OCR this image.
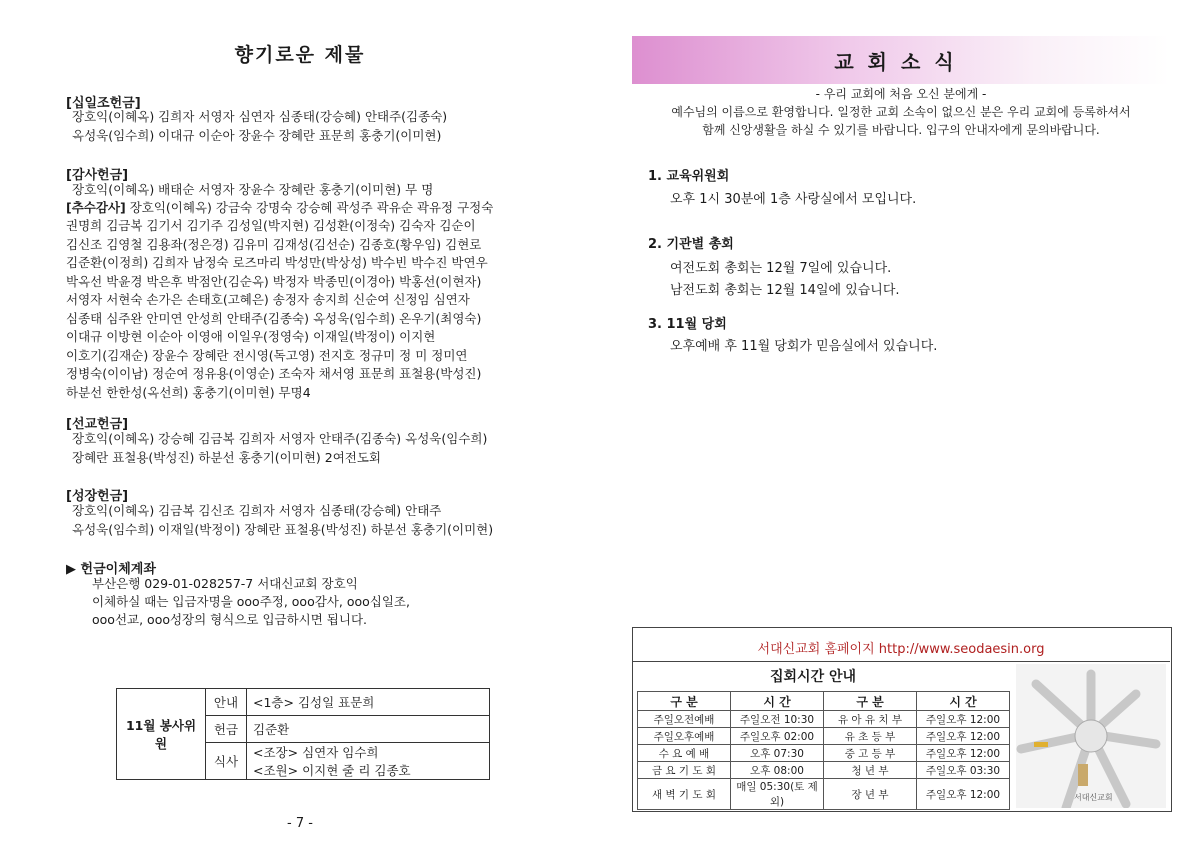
향기로운 제물
[십일조헌금]
장호익(이혜옥) 김희자 서영자 심연자 심종태(강승혜) 안태주(김종숙)
옥성욱(임수희) 이대규 이순아 장윤수 장혜란 표문희 홍충기(이미현)
[감사헌금]
장호익(이혜옥) 배태순 서영자 장윤수 장혜란 홍충기(이미현) 무 명
[추수감사] 장호익(이혜옥) 강금숙 강명숙 강승혜 곽성주 곽유순 곽유정 구정숙
권명희 김금복 김기서 김기주 김성일(박지현) 김성환(이정숙) 김숙자 김순이
김신조 김영철 김용좌(정은경) 김유미 김재성(김선순) 김종호(황우임) 김현로
김준환(이정희) 김희자 남정숙 로즈마리 박성만(박상성) 박수빈 박수진 박연우
박옥선 박윤경 박은후 박점안(김순옥) 박정자 박종민(이경아) 박홍선(이현자)
서영자 서현숙 손가은 손태호(고혜은) 송정자 송지희 신순여 신정임 심연자
심종태 심주완 안미연 안성희 안태주(김종숙) 옥성욱(임수희) 온우기(최영숙)
이대규 이방현 이순아 이영애 이일우(정영숙) 이재일(박정이) 이지현
이호기(김재순) 장윤수 장혜란 전시영(독고영) 전지호 정규미 정 미 정미연
정병숙(이이남) 정순여 정유용(이영순) 조숙자 채서영 표문희 표철용(박성진)
하분선 한한성(옥선희) 홍충기(이미현) 무명4
[선교헌금]
장호익(이혜옥) 강승혜 김금복 김희자 서영자 안태주(김종숙) 옥성욱(임수희)
장혜란 표철용(박성진) 하분선 홍충기(이미현) 2여전도회
[성장헌금]
장호익(이혜옥) 김금복 김신조 김희자 서영자 심종태(강승혜) 안태주
옥성욱(임수희) 이재일(박정이) 장혜란 표철용(박성진) 하분선 홍충기(이미현)
▶ 헌금이체계좌
부산은행 029-01-028257-7 서대신교회 장호익
이체하실 때는 입금자명을 ooo주정, ooo감사, ooo십일조,
ooo선교, ooo성장의 형식으로 입금하시면 됩니다.
11월 봉사위원	안내	<1층> 김성일 표문희
	헌금	김준환
	식사	<조장> 심연자 임수희
		<조원> 이지현 줄 리 김종호
- 7 -
교회소식
- 우리 교회에 처음 오신 분에게 -
예수님의 이름으로 환영합니다. 일정한 교회 소속이 없으신 분은 우리 교회에 등록하셔서
함께 신앙생활을 하실 수 있기를 바랍니다. 입구의 안내자에게 문의바랍니다.
1. 교육위원회
오후 1시 30분에 1층 사랑실에서 모입니다.
2. 기관별 총회
여전도회 총회는 12월 7일에 있습니다.
남전도회 총회는 12월 14일에 있습니다.
3. 11월 당회
오후예배 후 11월 당회가 믿음실에서 있습니다.
서대신교회 홈페이지 http://www.seodaesin.org
집회시간 안내
구 분	시 간	구 분	시 간
주일오전예배	주일오전 10:30	유 아 유 치 부	주일오후 12:00
주일오후예배	주일오후 02:00	유 초 등 부	주일오후 12:00
수 요 예 배	오후 07:30	중 고 등 부	주일오후 12:00
금 요 기 도 회	오후 08:00	청 년 부	주일오후 03:30
새 벽 기 도 회	매일 05:30(토 제외)	장 년 부	주일오후 12:00	서대신교회
